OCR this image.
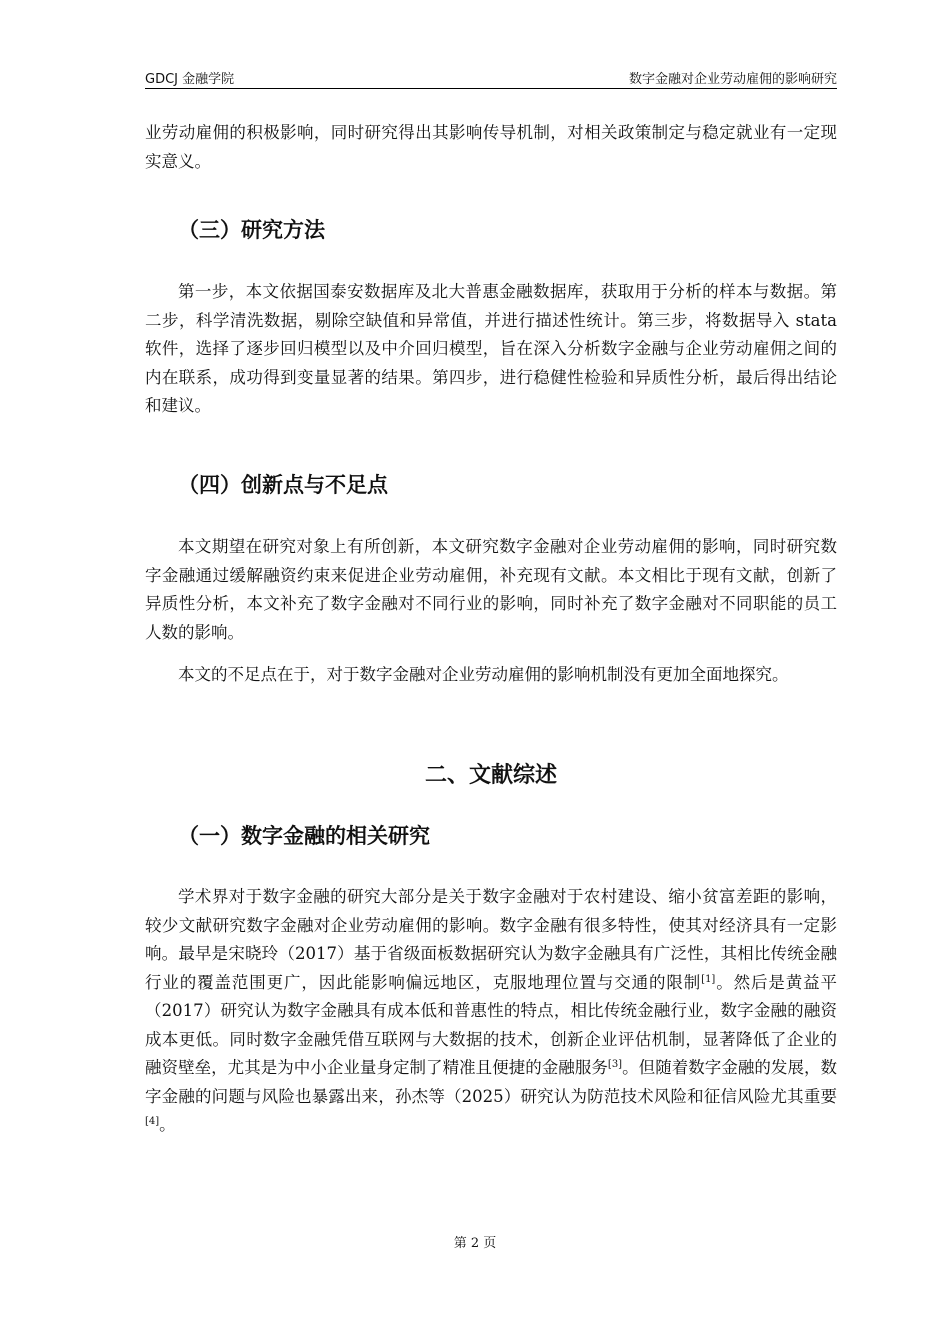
GDCJ 金融学院	数字金融对企业劳动雇佣的影响研究

业劳动雇佣的积极影响，同时研究得出其影响传导机制，对相关政策制定与稳定就业有一定现实意义。

（三）研究方法

第一步，本文依据国泰安数据库及北大普惠金融数据库，获取用于分析的样本与数据。第二步，科学清洗数据，剔除空缺值和异常值，并进行描述性统计。第三步，将数据导入 stata 软件，选择了逐步回归模型以及中介回归模型，旨在深入分析数字金融与企业劳动雇佣之间的内在联系，成功得到变量显著的结果。第四步，进行稳健性检验和异质性分析，最后得出结论和建议。

（四）创新点与不足点

本文期望在研究对象上有所创新，本文研究数字金融对企业劳动雇佣的影响，同时研究数字金融通过缓解融资约束来促进企业劳动雇佣，补充现有文献。本文相比于现有文献，创新了异质性分析，本文补充了数字金融对不同行业的影响，同时补充了数字金融对不同职能的员工人数的影响。

本文的不足点在于，对于数字金融对企业劳动雇佣的影响机制没有更加全面地探究。

二、文献综述
（一）数字金融的相关研究

学术界对于数字金融的研究大部分是关于数字金融对于农村建设、缩小贫富差距的影响，较少文献研究数字金融对企业劳动雇佣的影响。数字金融有很多特性，使其对经济具有一定影响。最早是宋晓玲（2017）基于省级面板数据研究认为数字金融具有广泛性，其相比传统金融行业的覆盖范围更广，因此能影响偏远地区，克服地理位置与交通的限制[1]。然后是黄益平（2017）研究认为数字金融具有成本低和普惠性的特点，相比传统金融行业，数字金融的融资成本更低。同时数字金融凭借互联网与大数据的技术，创新企业评估机制，显著降低了企业的融资壁垒，尤其是为中小企业量身定制了精准且便捷的金融服务[3]。但随着数字金融的发展，数字金融的问题与风险也暴露出来，孙杰等（2025）研究认为防范技术风险和征信风险尤其重要[4]。

第 2 页
